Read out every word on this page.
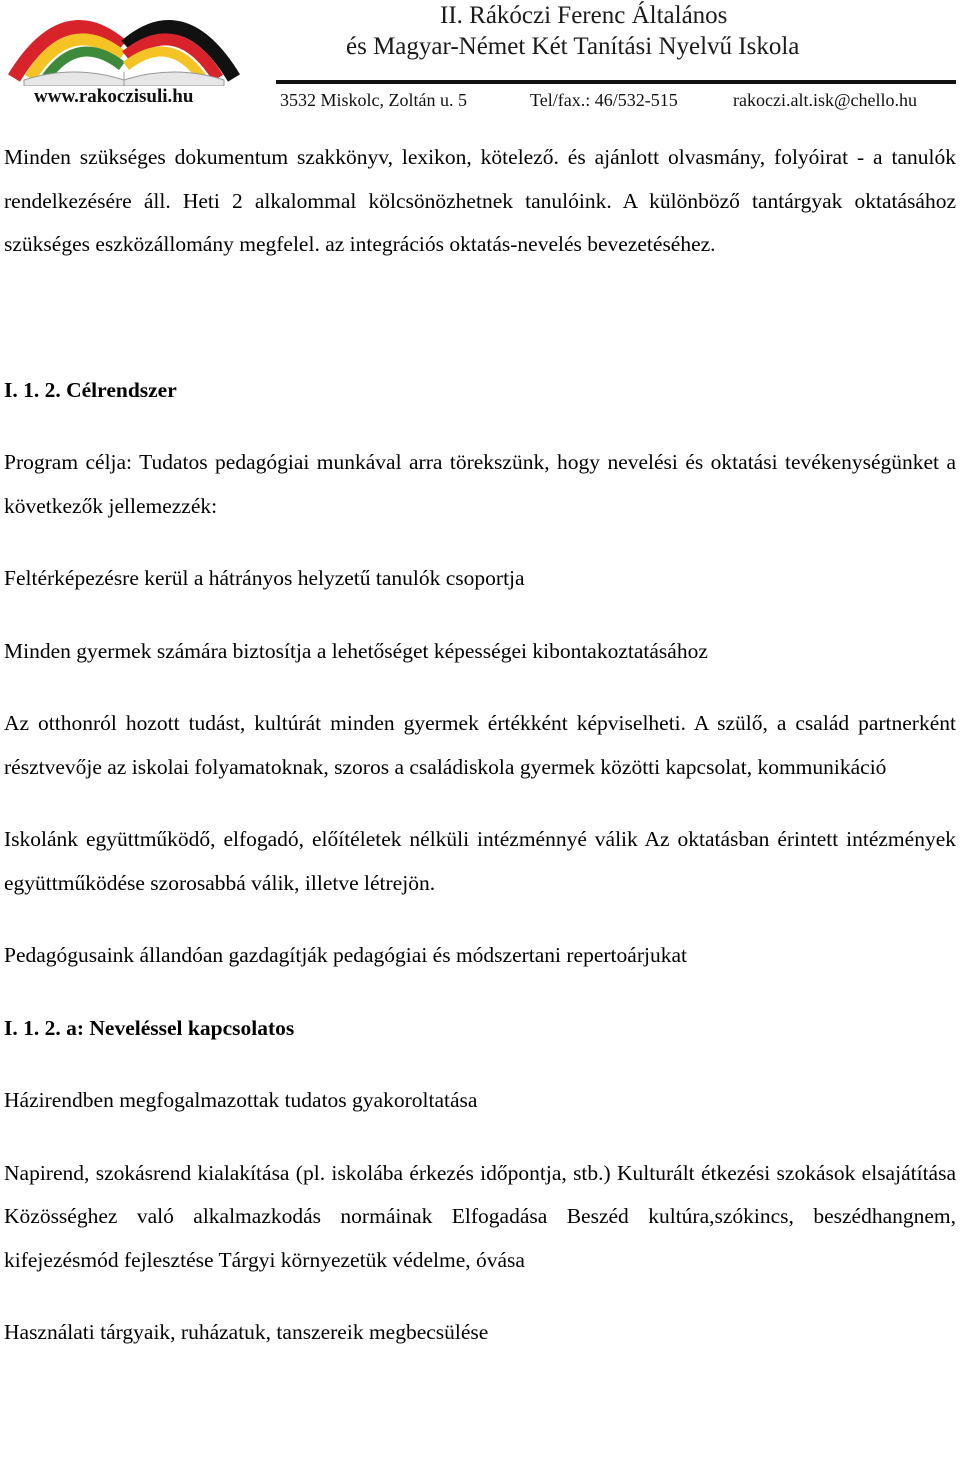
www.rakoczisuli.hu
II. Rákóczi Ferenc Általános
és Magyar-Német Két Tanítási Nyelvű Iskola
3532 Miskolc, Zoltán u. 5	Tel/fax.: 46/532-515	rakoczi.alt.isk@chello.hu

Minden szükséges dokumentum szakkönyv, lexikon, kötelező. és ajánlott olvasmány, folyóirat - a tanulók rendelkezésére áll. Heti 2 alkalommal kölcsönözhetnek tanulóink. A különböző tantárgyak oktatásához szükséges eszközállomány megfelel. az integrációs oktatás-nevelés bevezetéséhez.

I. 1. 2. Célrendszer

Program célja: Tudatos pedagógiai munkával arra törekszünk, hogy nevelési és oktatási tevékenységünket a következők jellemezzék:

Feltérképezésre kerül a hátrányos helyzetű tanulók csoportja

Minden gyermek számára biztosítja a lehetőséget képességei kibontakoztatásához

Az otthonról hozott tudást, kultúrát minden gyermek értékként képviselheti. A szülő, a család partnerként résztvevője az iskolai folyamatoknak, szoros a családiskola gyermek közötti kapcsolat, kommunikáció

Iskolánk együttműködő, elfogadó, előítéletek nélküli intézménnyé válik Az oktatásban érintett intézmények együttműködése szorosabbá válik, illetve létrejön.

Pedagógusaink állandóan gazdagítják pedagógiai és módszertani repertoárjukat

I. 1. 2. a: Neveléssel kapcsolatos

Házirendben megfogalmazottak tudatos gyakoroltatása

Napirend, szokásrend kialakítása (pl. iskolába érkezés időpontja, stb.) Kulturált étkezési szokások elsajátítása Közösséghez való alkalmazkodás normáinak Elfogadása Beszéd kultúra,szókincs, beszédhangnem, kifejezésmód fejlesztése Tárgyi környezetük védelme, óvása

Használati tárgyaik, ruházatuk, tanszereik megbecsülése
